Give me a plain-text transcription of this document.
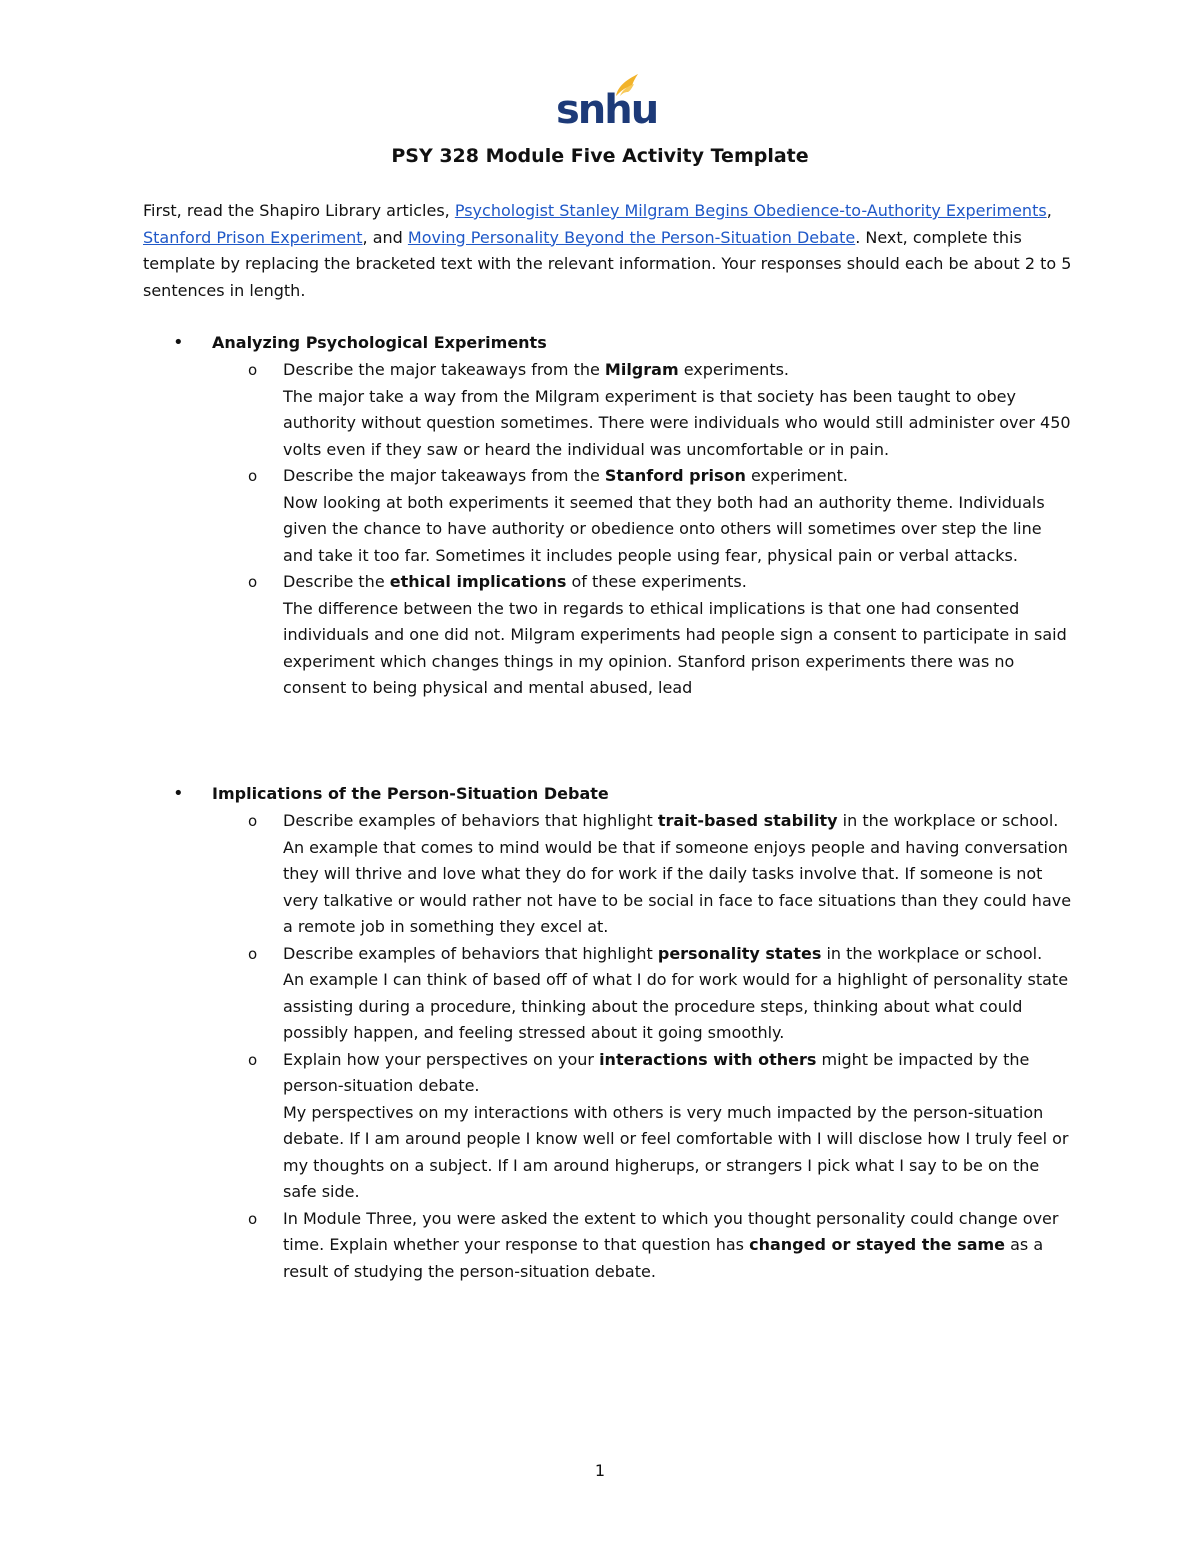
snhu
PSY 328 Module Five Activity Template
First, read the Shapiro Library articles, Psychologist Stanley Milgram Begins Obedience-to-Authority Experiments, Stanford Prison Experiment, and Moving Personality Beyond the Person-Situation Debate. Next, complete this template by replacing the bracketed text with the relevant information. Your responses should each be about 2 to 5 sentences in length.
• Analyzing Psychological Experiments
o Describe the major takeaways from the Milgram experiments.
The major take a way from the Milgram experiment is that society has been taught to obey authority without question sometimes. There were individuals who would still administer over 450 volts even if they saw or heard the individual was uncomfortable or in pain.
o Describe the major takeaways from the Stanford prison experiment.
Now looking at both experiments it seemed that they both had an authority theme. Individuals given the chance to have authority or obedience onto others will sometimes over step the line and take it too far. Sometimes it includes people using fear, physical pain or verbal attacks.
o Describe the ethical implications of these experiments.
The difference between the two in regards to ethical implications is that one had consented individuals and one did not. Milgram experiments had people sign a consent to participate in said experiment which changes things in my opinion. Stanford prison experiments there was no consent to being physical and mental abused, lead
• Implications of the Person-Situation Debate
o Describe examples of behaviors that highlight trait-based stability in the workplace or school.
An example that comes to mind would be that if someone enjoys people and having conversation they will thrive and love what they do for work if the daily tasks involve that. If someone is not very talkative or would rather not have to be social in face to face situations than they could have a remote job in something they excel at.
o Describe examples of behaviors that highlight personality states in the workplace or school.
An example I can think of based off of what I do for work would for a highlight of personality state assisting during a procedure, thinking about the procedure steps, thinking about what could possibly happen, and feeling stressed about it going smoothly.
o Explain how your perspectives on your interactions with others might be impacted by the person-situation debate.
My perspectives on my interactions with others is very much impacted by the person-situation debate. If I am around people I know well or feel comfortable with I will disclose how I truly feel or my thoughts on a subject. If I am around higherups, or strangers I pick what I say to be on the safe side.
o In Module Three, you were asked the extent to which you thought personality could change over time. Explain whether your response to that question has changed or stayed the same as a result of studying the person-situation debate.
1
